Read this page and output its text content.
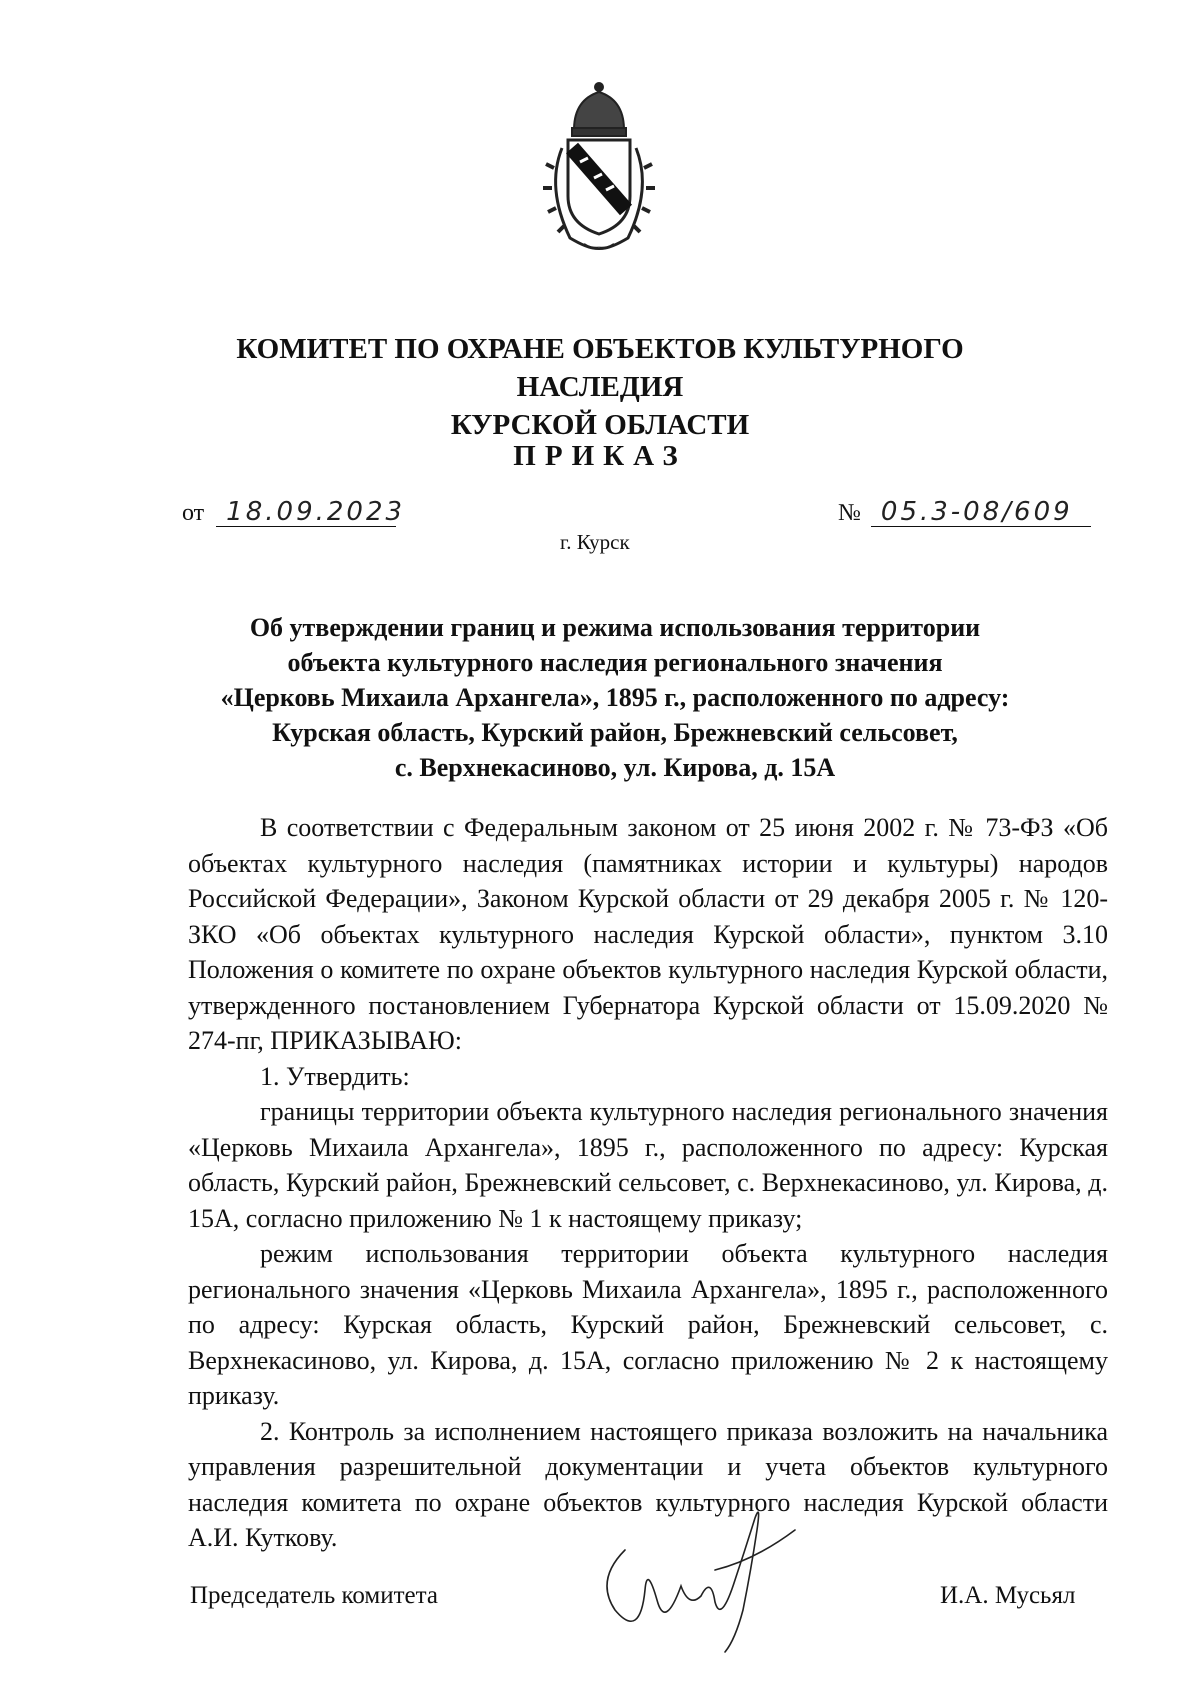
КОМИТЕТ ПО ОХРАНЕ ОБЪЕКТОВ КУЛЬТУРНОГО НАСЛЕДИЯ
КУРСКОЙ ОБЛАСТИ
ПРИКАЗ
от 18.09.2023	№ 05.3-08/609
г. Курск
Об утверждении границ и режима использования территории
объекта культурного наследия регионального значения
«Церковь Михаила Архангела», 1895 г., расположенного по адресу:
Курская область, Курский район, Брежневский сельсовет,
с. Верхнекасиново, ул. Кирова, д. 15А

В соответствии с Федеральным законом от 25 июня 2002 г. № 73-ФЗ «Об объектах культурного наследия (памятниках истории и культуры) народов Российской Федерации», Законом Курской области от 29 декабря 2005 г. № 120-ЗКО «Об объектах культурного наследия Курской области», пунктом 3.10 Положения о комитете по охране объектов культурного наследия Курской области, утвержденного постановлением Губернатора Курской области от 15.09.2020 № 274-пг, ПРИКАЗЫВАЮ:

1. Утвердить:

границы территории объекта культурного наследия регионального значения «Церковь Михаила Архангела», 1895 г., расположенного по адресу: Курская область, Курский район, Брежневский сельсовет, с. Верхнекасиново, ул. Кирова, д. 15А, согласно приложению № 1 к настоящему приказу;

режим использования территории объекта культурного наследия регионального значения «Церковь Михаила Архангела», 1895 г., расположенного по адресу: Курская область, Курский район, Брежневский сельсовет, с. Верхнекасиново, ул. Кирова, д. 15А, согласно приложению № 2 к настоящему приказу.

2. Контроль за исполнением настоящего приказа возложить на начальника управления разрешительной документации и учета объектов культурного наследия комитета по охране объектов культурного наследия Курской области А.И. Куткову.

Председатель комитета	И.А. Мусьял
